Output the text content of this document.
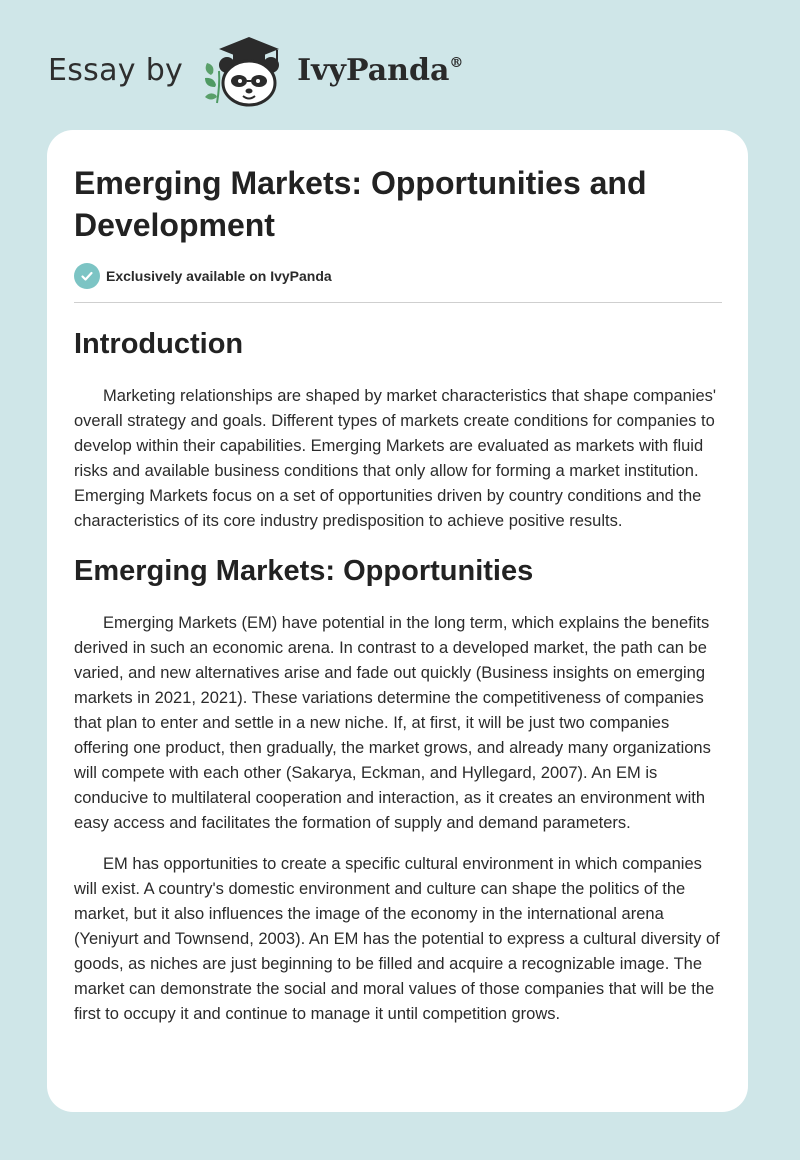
Essay by	IvyPanda®
Emerging Markets: Opportunities and Development
Exclusively available on IvyPanda
Introduction

Marketing relationships are shaped by market characteristics that shape companies' overall strategy and goals. Different types of markets create conditions for companies to develop within their capabilities. Emerging Markets are evaluated as markets with fluid risks and available business conditions that only allow for forming a market institution. Emerging Markets focus on a set of opportunities driven by country conditions and the characteristics of its core industry predisposition to achieve positive results.

Emerging Markets: Opportunities

Emerging Markets (EM) have potential in the long term, which explains the benefits derived in such an economic arena. In contrast to a developed market, the path can be varied, and new alternatives arise and fade out quickly (Business insights on emerging markets in 2021, 2021). These variations determine the competitiveness of companies that plan to enter and settle in a new niche. If, at first, it will be just two companies offering one product, then gradually, the market grows, and already many organizations will compete with each other (Sakarya, Eckman, and Hyllegard, 2007). An EM is conducive to multilateral cooperation and interaction, as it creates an environment with easy access and facilitates the formation of supply and demand parameters.

EM has opportunities to create a specific cultural environment in which companies will exist. A country's domestic environment and culture can shape the politics of the market, but it also influences the image of the economy in the international arena (Yeniyurt and Townsend, 2003). An EM has the potential to express a cultural diversity of goods, as niches are just beginning to be filled and acquire a recognizable image. The market can demonstrate the social and moral values of those companies that will be the first to occupy it and continue to manage it until competition grows.
